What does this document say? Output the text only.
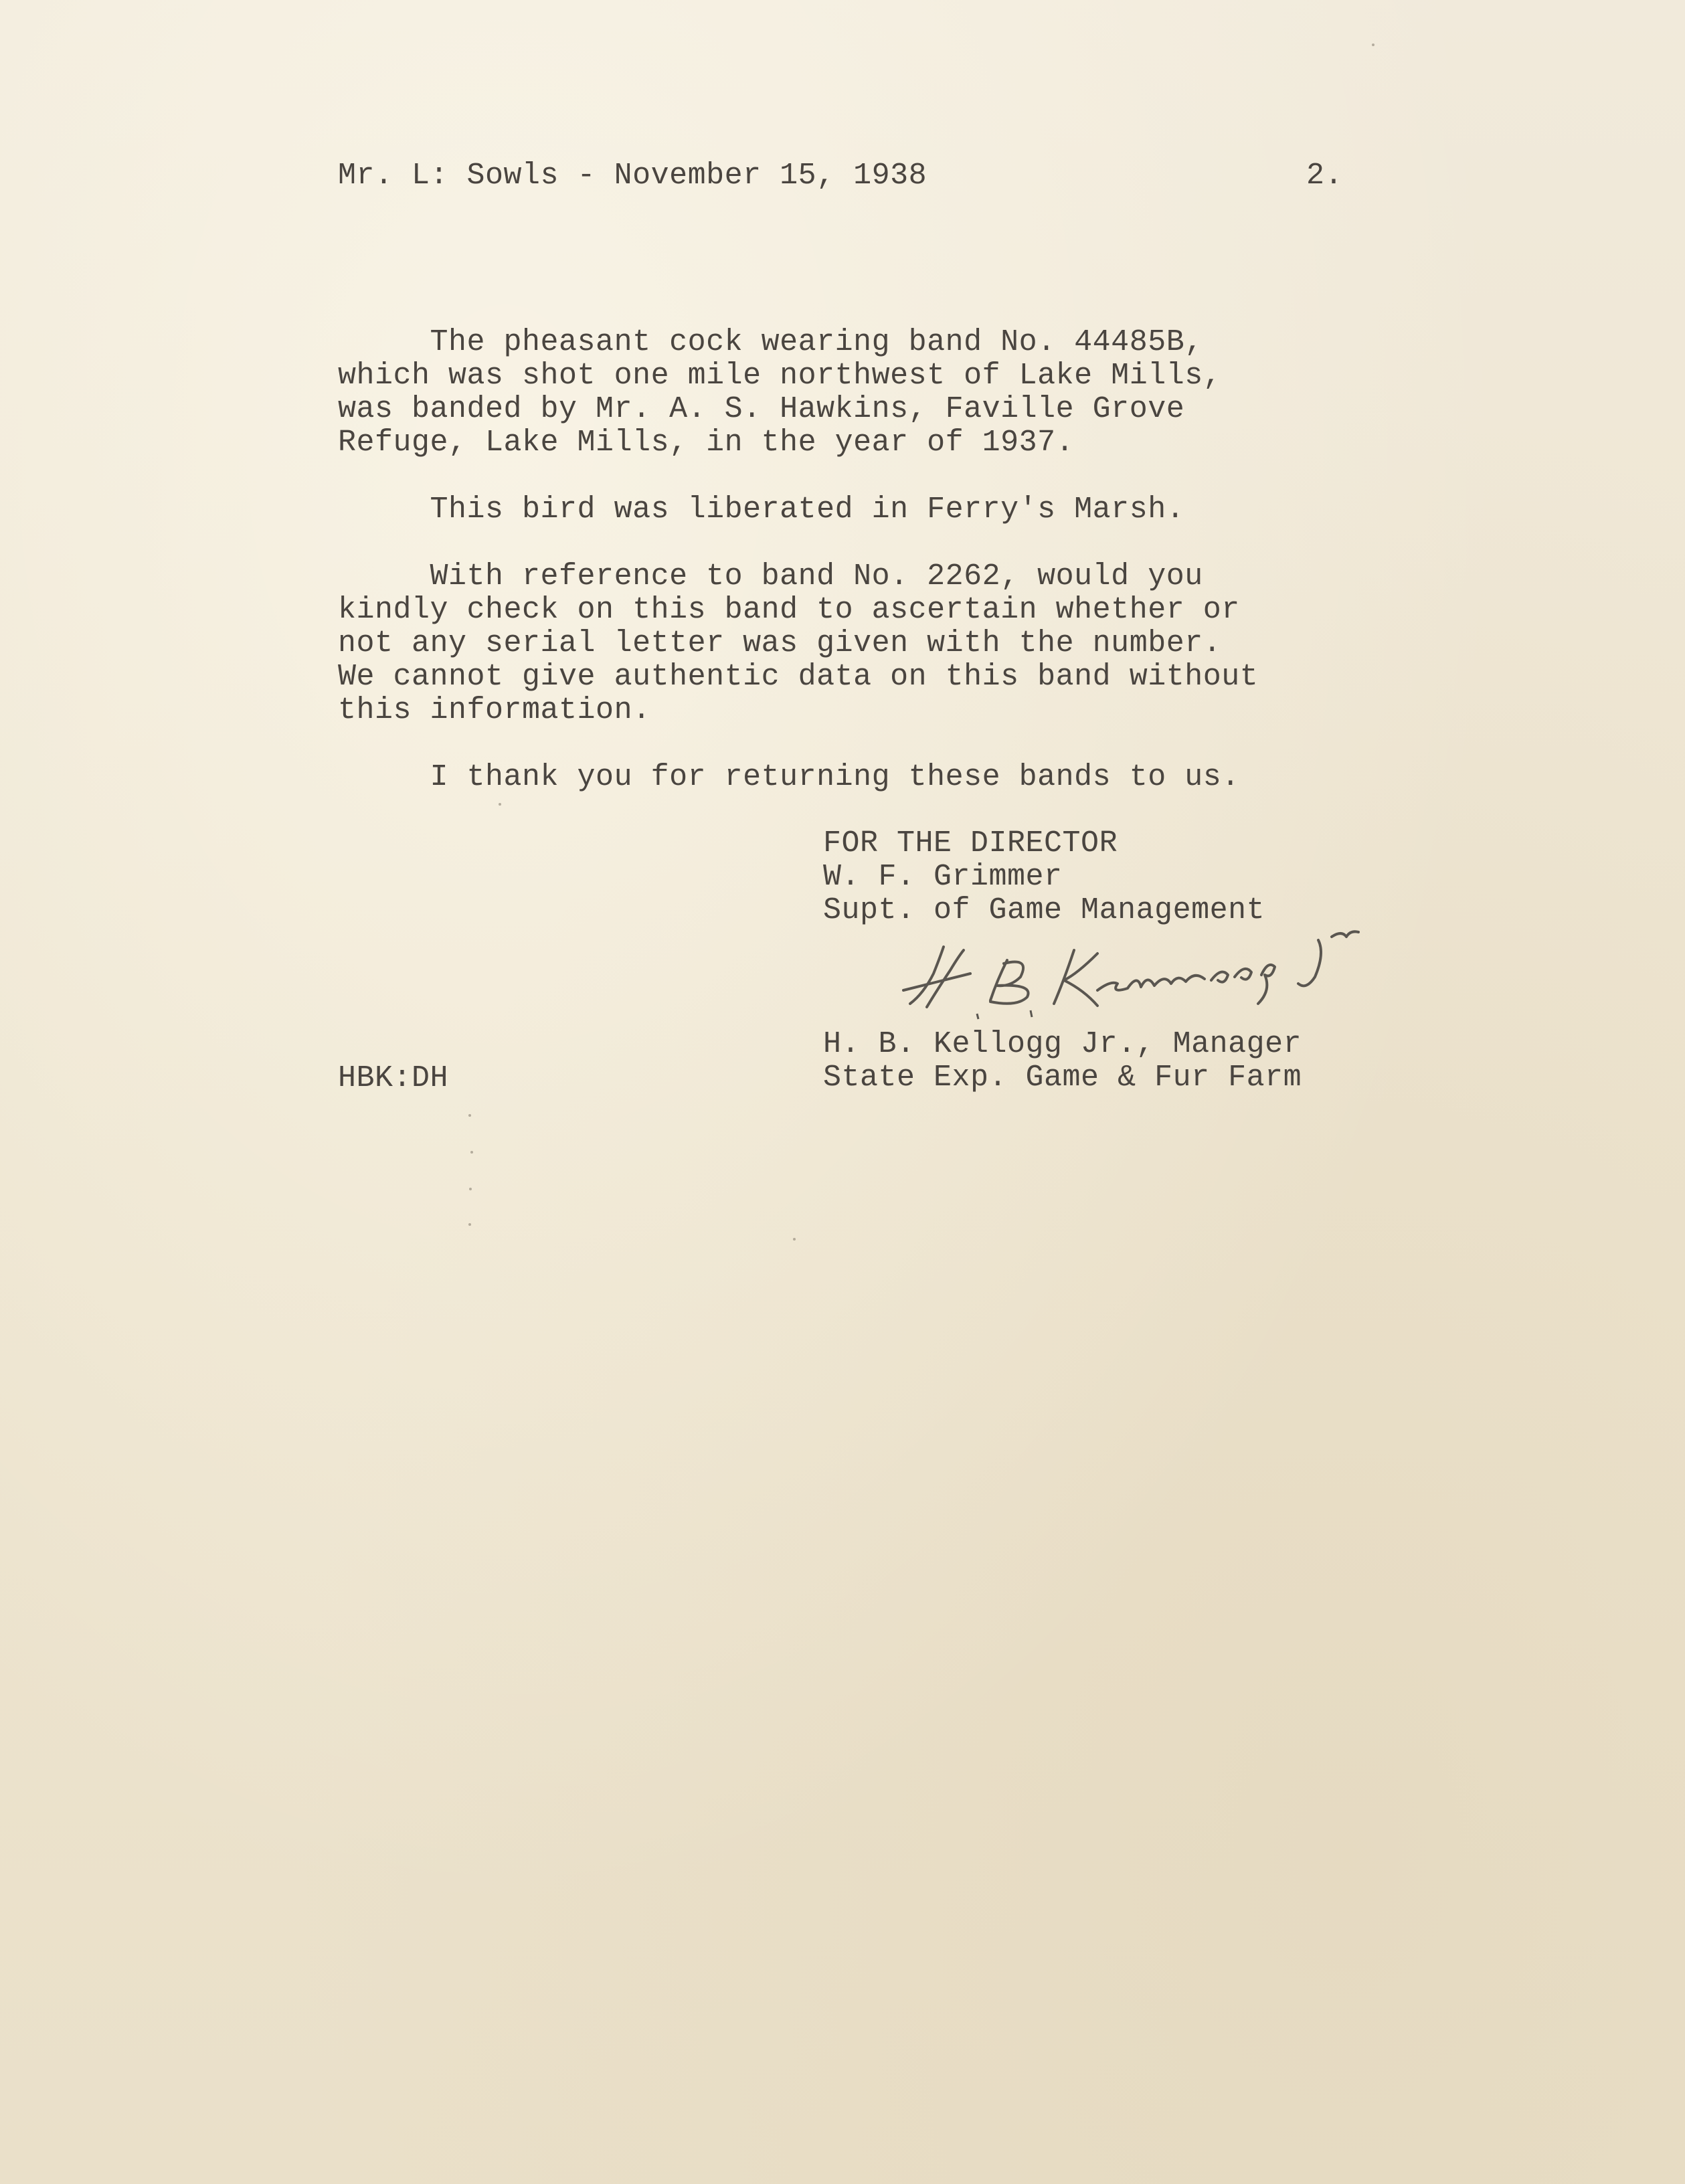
Mr. L: Sowls - November 15, 1938	2.
The pheasant cock wearing band No. 44485B,
which was shot one mile northwest of Lake Mills,
was banded by Mr. A. S. Hawkins, Faville Grove
Refuge, Lake Mills, in the year of 1937.
This bird was liberated in Ferry's Marsh.
With reference to band No. 2262, would you
kindly check on this band to ascertain whether or
not any serial letter was given with the number.
We cannot give authentic data on this band without
this information.
I thank you for returning these bands to us.
FOR THE DIRECTOR
W. F. Grimmer
Supt. of Game Management
H. B. Kellogg Jr., Manager
State Exp. Game & Fur Farm
HBK:DH
